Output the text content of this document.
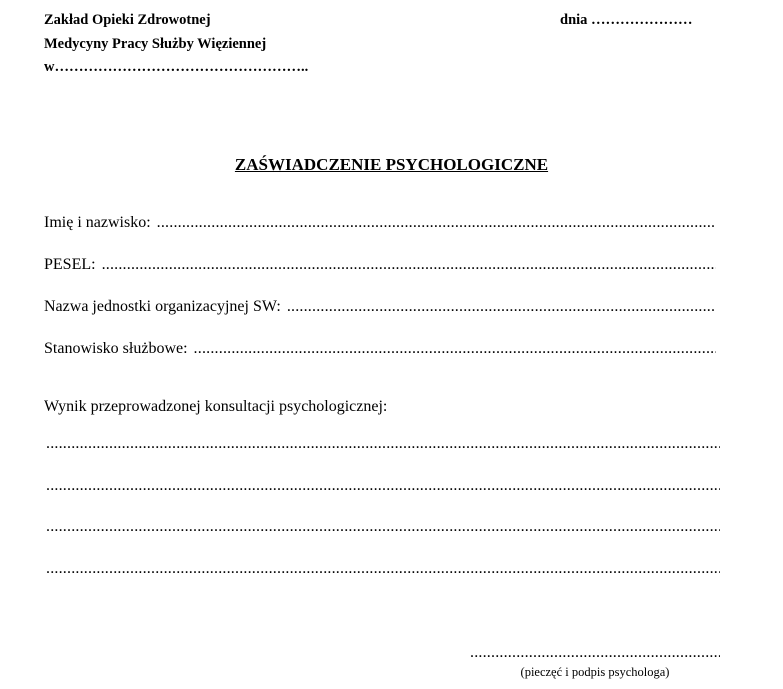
Zakład Opieki Zdrowotnej
Medycyny Pracy Służby Więziennej
w……………………………………………..
dnia …………………
ZAŚWIADCZENIE PSYCHOLOGICZNE
Imię i nazwisko:
.....
PESEL:
.....
Nazwa jednostki organizacyjnej SW:
.....
Stanowisko służbowe:
.....
Wynik przeprowadzonej konsultacji psychologicznej:
.....
.....
.....
.....
.....
(pieczęć i podpis psychologa)
